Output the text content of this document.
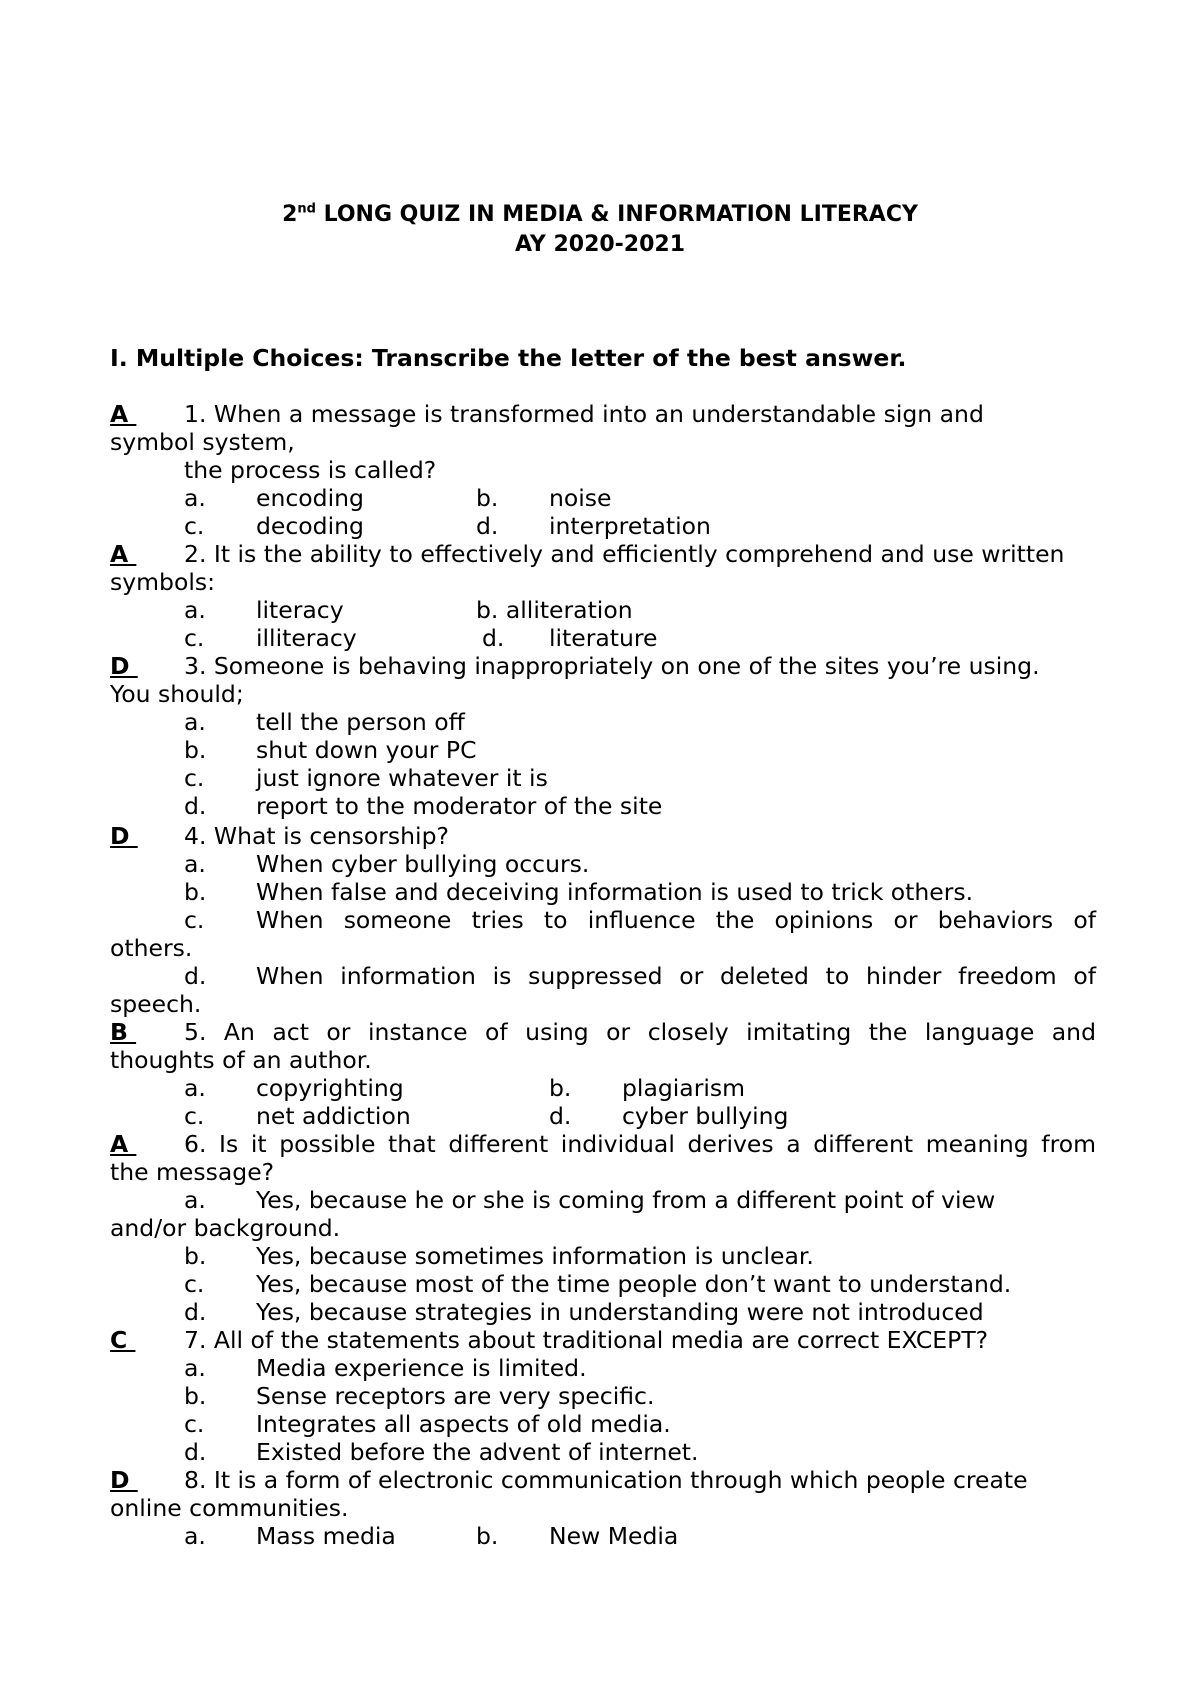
2nd LONG QUIZ IN MEDIA & INFORMATION LITERACY
AY 2020-2021
I. Multiple Choices: Transcribe the letter of the best answer.
A 1. When a message is transformed into an understandable sign and
symbol system,
the process is called?
a. encoding	b. noise
c. decoding	d. interpretation
A 2. It is the ability to effectively and efficiently comprehend and use written
symbols:
a. literacy	b. alliteration
c. illiteracy	d. literature
D 3. Someone is behaving inappropriately on one of the sites you’re using.
You should;
a. tell the person off
b. shut down your PC
c. just ignore whatever it is
d. report to the moderator of the site
D 4. What is censorship?
a. When cyber bullying occurs.
b. When false and deceiving information is used to trick others.
c. When someone tries to influence the opinions or behaviors of
others.
d. When information is suppressed or deleted to hinder freedom of
speech.
B 5. An act or instance of using or closely imitating the language and
thoughts of an author.
a. copyrighting	b. plagiarism
c. net addiction	d. cyber bullying
A 6. Is it possible that different individual derives a different meaning from
the message?
a. Yes, because he or she is coming from a different point of view
and/or background.
b. Yes, because sometimes information is unclear.
c. Yes, because most of the time people don’t want to understand.
d. Yes, because strategies in understanding were not introduced
C 7. All of the statements about traditional media are correct EXCEPT?
a. Media experience is limited.
b. Sense receptors are very specific.
c. Integrates all aspects of old media.
d. Existed before the advent of internet.
D 8. It is a form of electronic communication through which people create
online communities.
a. Mass media	b. New Media
